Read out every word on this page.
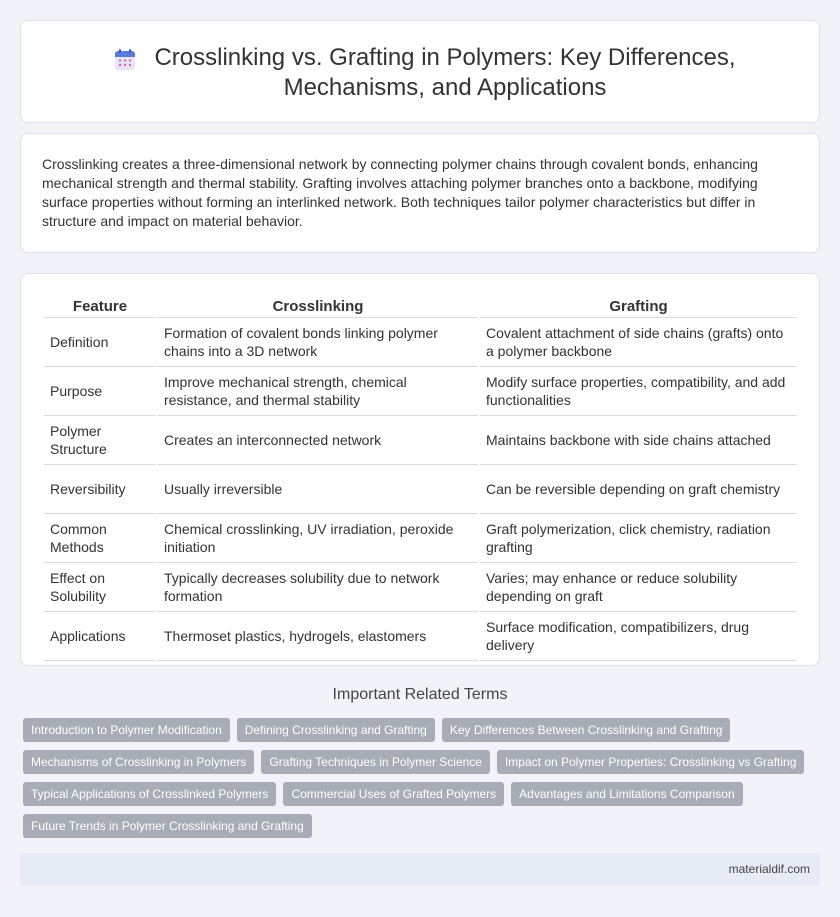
Crosslinking vs. Grafting in Polymers: Key Differences, Mechanisms, and Applications

Crosslinking creates a three-dimensional network by connecting polymer chains through covalent bonds, enhancing mechanical strength and thermal stability. Grafting involves attaching polymer branches onto a backbone, modifying surface properties without forming an interlinked network. Both techniques tailor polymer characteristics but differ in structure and impact on material behavior.

Feature	Crosslinking	Grafting
Definition	Formation of covalent bonds linking polymer chains into a 3D network	Covalent attachment of side chains (grafts) onto a polymer backbone
Purpose	Improve mechanical strength, chemical resistance, and thermal stability	Modify surface properties, compatibility, and add functionalities
Polymer Structure	Creates an interconnected network	Maintains backbone with side chains attached
Reversibility	Usually irreversible	Can be reversible depending on graft chemistry
Common Methods	Chemical crosslinking, UV irradiation, peroxide initiation	Graft polymerization, click chemistry, radiation grafting
Effect on Solubility	Typically decreases solubility due to network formation	Varies; may enhance or reduce solubility depending on graft
Applications	Thermoset plastics, hydrogels, elastomers	Surface modification, compatibilizers, drug delivery
Important Related Terms
Introduction to Polymer Modification	Defining Crosslinking and Grafting	Key Differences Between Crosslinking and Grafting
Mechanisms of Crosslinking in Polymers	Grafting Techniques in Polymer Science	Impact on Polymer Properties: Crosslinking vs Grafting
Typical Applications of Crosslinked Polymers	Commercial Uses of Grafted Polymers	Advantages and Limitations Comparison
Future Trends in Polymer Crosslinking and Grafting
materialdif.com
